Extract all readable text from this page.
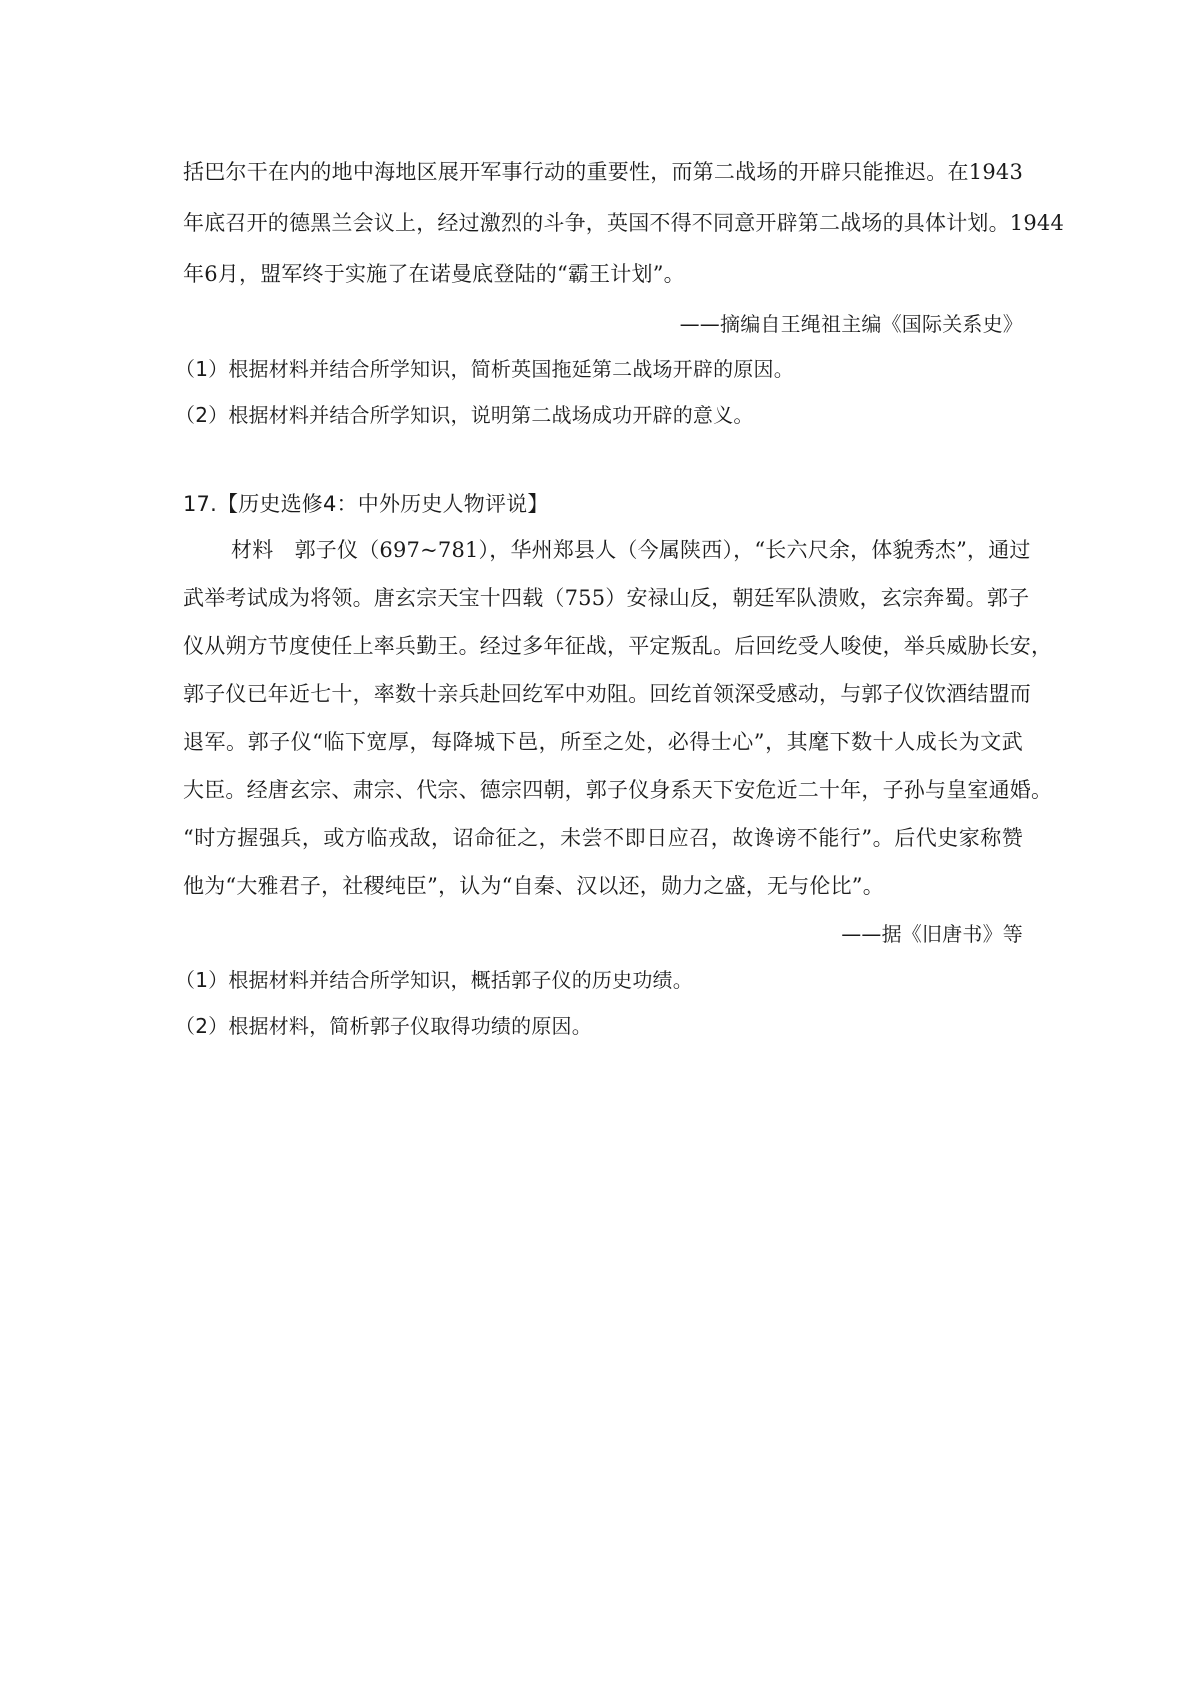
括巴尔干在内的地中海地区展开军事行动的重要性，而第二战场的开辟只能推迟。在1943
年底召开的德黑兰会议上，经过激烈的斗争，英国不得不同意开辟第二战场的具体计划。1944
年6月，盟军终于实施了在诺曼底登陆的“霸王计划”。
——摘编自王绳祖主编《国际关系史》
（1）根据材料并结合所学知识，简析英国拖延第二战场开辟的原因。
（2）根据材料并结合所学知识，说明第二战场成功开辟的意义。
17.【历史选修4：中外历史人物评说】
材料　郭子仪（697~781），华州郑县人（今属陕西），“长六尺余，体貌秀杰”，通过
武举考试成为将领。唐玄宗天宝十四载（755）安禄山反，朝廷军队溃败，玄宗奔蜀。郭子
仪从朔方节度使任上率兵勤王。经过多年征战，平定叛乱。后回纥受人唆使，举兵威胁长安，
郭子仪已年近七十，率数十亲兵赴回纥军中劝阻。回纥首领深受感动，与郭子仪饮酒结盟而
退军。郭子仪“临下宽厚，每降城下邑，所至之处，必得士心”，其麾下数十人成长为文武
大臣。经唐玄宗、肃宗、代宗、德宗四朝，郭子仪身系天下安危近二十年，子孙与皇室通婚。
“时方握强兵，或方临戎敌，诏命征之，未尝不即日应召，故谗谤不能行”。后代史家称赞
他为“大雅君子，社稷纯臣”，认为“自秦、汉以还，勋力之盛，无与伦比”。
——据《旧唐书》等
（1）根据材料并结合所学知识，概括郭子仪的历史功绩。
（2）根据材料，简析郭子仪取得功绩的原因。
